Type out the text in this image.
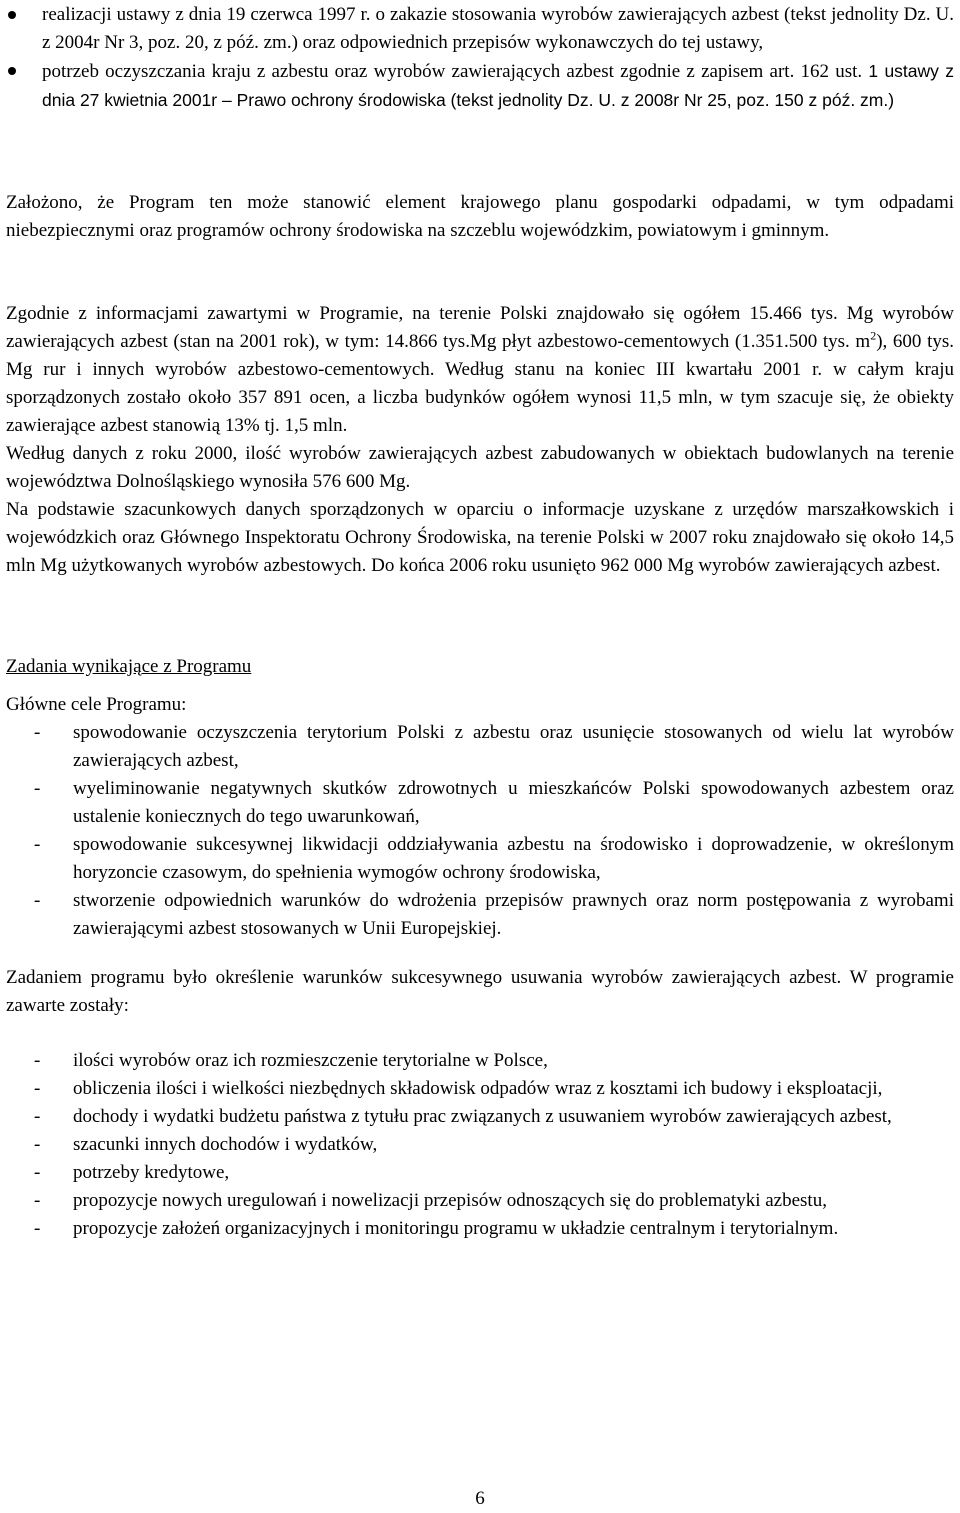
realizacji ustawy z dnia 19 czerwca 1997 r. o zakazie stosowania wyrobów zawierających azbest (tekst jednolity Dz. U. z 2004r Nr 3, poz. 20, z póź. zm.) oraz odpowiednich przepisów wykonawczych do tej ustawy,
potrzeb oczyszczania kraju z azbestu oraz wyrobów zawierających azbest zgodnie z zapisem art. 162 ust. 1 ustawy z dnia 27 kwietnia 2001r – Prawo ochrony środowiska (tekst jednolity Dz. U. z 2008r Nr 25, poz. 150 z póź. zm.)

Założono, że Program ten może stanowić element krajowego planu gospodarki odpadami, w tym odpadami niebezpiecznymi oraz programów ochrony środowiska na szczeblu wojewódzkim, powiatowym i gminnym.

Zgodnie z informacjami zawartymi w Programie, na terenie Polski znajdowało się ogółem 15.466 tys. Mg wyrobów zawierających azbest (stan na 2001 rok), w tym: 14.866 tys.Mg płyt azbestowo-cementowych (1.351.500 tys. $m^2$), 600 tys. Mg rur i innych wyrobów azbestowo-cementowych. Według stanu na koniec III kwartału 2001 r. w całym kraju sporządzonych zostało około 357 891 ocen, a liczba budynków ogółem wynosi 11,5 mln, w tym szacuje się, że obiekty zawierające azbest stanowią 13% tj. 1,5 mln.

Według danych z roku 2000, ilość wyrobów zawierających azbest zabudowanych w obiektach budowlanych na terenie województwa Dolnośląskiego wynosiła 576 600 Mg.

Na podstawie szacunkowych danych sporządzonych w oparciu o informacje uzyskane z urzędów marszałkowskich i wojewódzkich oraz Głównego Inspektoratu Ochrony Środowiska, na terenie Polski w 2007 roku znajdowało się około 14,5 mln Mg użytkowanych wyrobów azbestowych. Do końca 2006 roku usunięto 962 000 Mg wyrobów zawierających azbest.

Zadania wynikające z Programu

Główne cele Programu:

- spowodowanie oczyszczenia terytorium Polski z azbestu oraz usunięcie stosowanych od wielu lat wyrobów zawierających azbest,
- wyeliminowanie negatywnych skutków zdrowotnych u mieszkańców Polski spowodowanych azbestem oraz ustalenie koniecznych do tego uwarunkowań,
- spowodowanie sukcesywnej likwidacji oddziaływania azbestu na środowisko i doprowadzenie, w określonym horyzoncie czasowym, do spełnienia wymogów ochrony środowiska,
- stworzenie odpowiednich warunków do wdrożenia przepisów prawnych oraz norm postępowania z wyrobami zawierającymi azbest stosowanych w Unii Europejskiej.

Zadaniem programu było określenie warunków sukcesywnego usuwania wyrobów zawierających azbest. W programie zawarte zostały:

- ilości wyrobów oraz ich rozmieszczenie terytorialne w Polsce,
- obliczenia ilości i wielkości niezbędnych składowisk odpadów wraz z kosztami ich budowy i eksploatacji,
- dochody i wydatki budżetu państwa z tytułu prac związanych z usuwaniem wyrobów zawierających azbest,
- szacunki innych dochodów i wydatków,
- potrzeby kredytowe,
- propozycje nowych uregulowań i nowelizacji przepisów odnoszących się do problematyki azbestu,
- propozycje założeń organizacyjnych i monitoringu programu w układzie centralnym i terytorialnym.
6
